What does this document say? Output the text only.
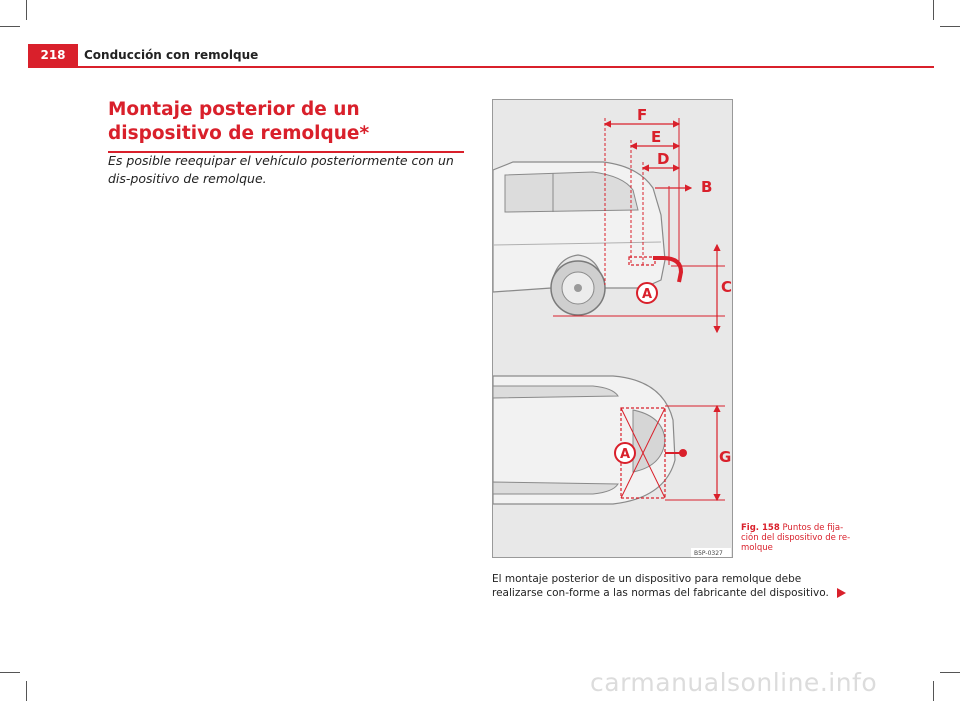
218	Conducción con remolque
Montaje posterior de un dispositivo de remolque*

Es posible reequipar el vehículo posteriormente con un dis-positivo de remolque.

F
E
D
B
C
A
G
A
B5P-0327

Fig. 158 Puntos de fija-ción del dispositivo de re-molque

El montaje posterior de un dispositivo para remolque debe realizarse con-forme a las normas del fabricante del dispositivo.

carmanualsonline.info
